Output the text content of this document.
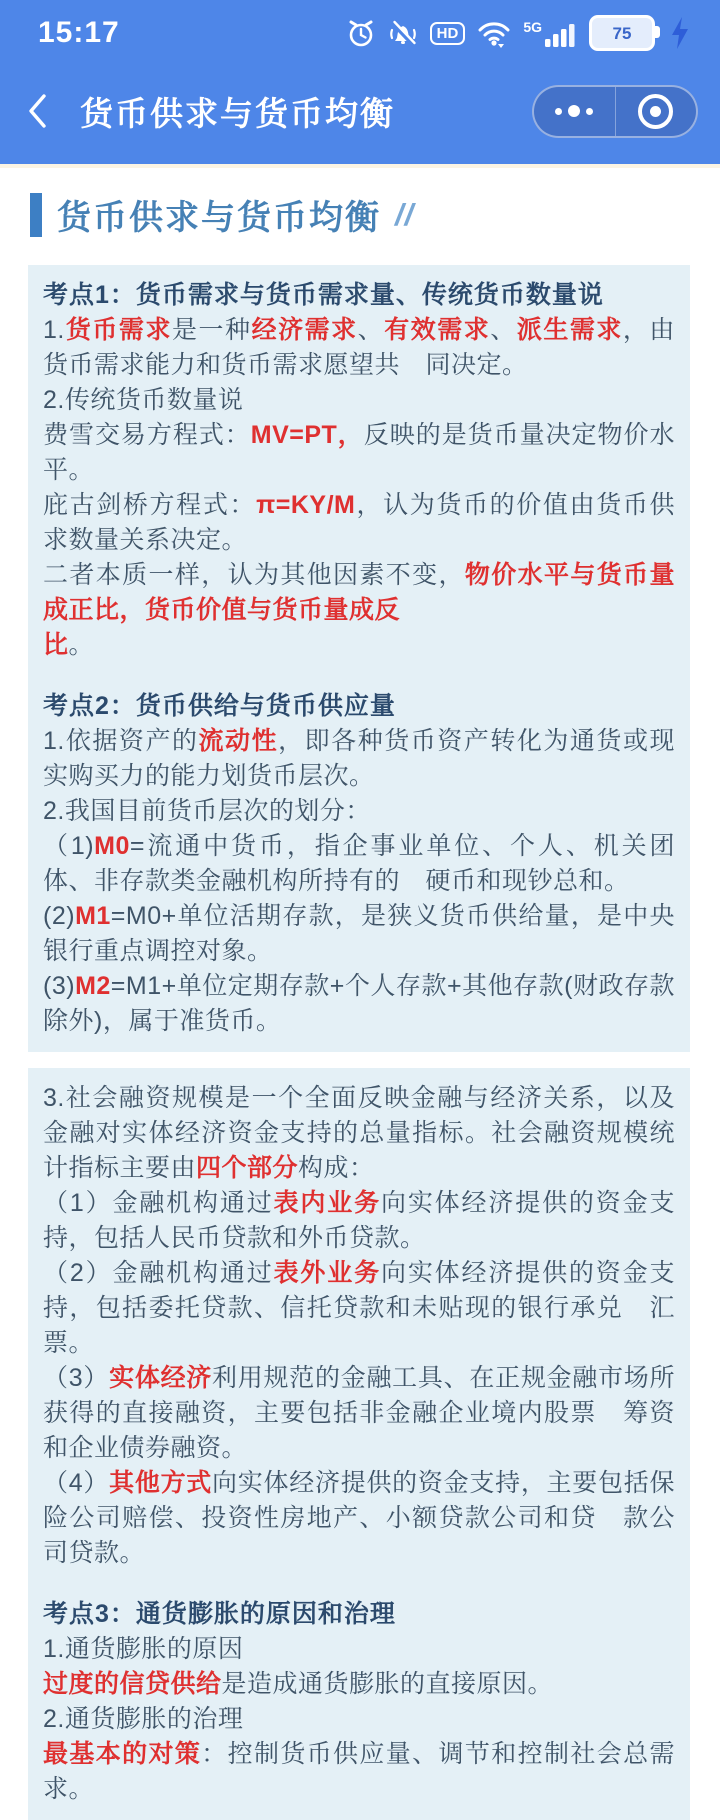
15:17	HD	5G	75
货币供求与货币均衡
货币供求与货币均衡 //

考点1：货币需求与货币需求量、传统货币数量说

1.货币需求是一种经济需求、有效需求、派生需求，由货币需求能力和货币需求愿望共　同决定。

2.传统货币数量说

费雪交易方程式：MV=PT，反映的是货币量决定物价水平。

庇古剑桥方程式：π=KY/M，认为货币的价值由货币供求数量关系决定。

二者本质一样，认为其他因素不变，物价水平与货币量成正比，货币价值与货币量成反

比。

考点2：货币供给与货币供应量

1.依据资产的流动性，即各种货币资产转化为通货或现实购买力的能力划货币层次。

2.我国目前货币层次的划分：

（1)M0=流通中货币，指企事业单位、个人、机关团体、非存款类金融机构所持有的　硬币和现钞总和。

(2)M1=M0+单位活期存款，是狭义货币供给量，是中央银行重点调控对象。

(3)M2=M1+单位定期存款+个人存款+其他存款(财政存款除外)，属于准货币。

3.社会融资规模是一个全面反映金融与经济关系，以及金融对实体经济资金支持的总量指标。社会融资规模统计指标主要由四个部分构成：

（1）金融机构通过表内业务向实体经济提供的资金支持，包括人民币贷款和外币贷款。

（2）金融机构通过表外业务向实体经济提供的资金支持，包括委托贷款、信托贷款和未贴现的银行承兑　汇票。

（3）实体经济利用规范的金融工具、在正规金融市场所获得的直接融资，主要包括非金融企业境内股票　筹资和企业债券融资。

（4）其他方式向实体经济提供的资金支持，主要包括保险公司赔偿、投资性房地产、小额贷款公司和贷　款公司贷款。

考点3：通货膨胀的原因和治理

1.通货膨胀的原因

过度的信贷供给是造成通货膨胀的直接原因。

2.通货膨胀的治理

最基本的对策：控制货币供应量、调节和控制社会总需求。
